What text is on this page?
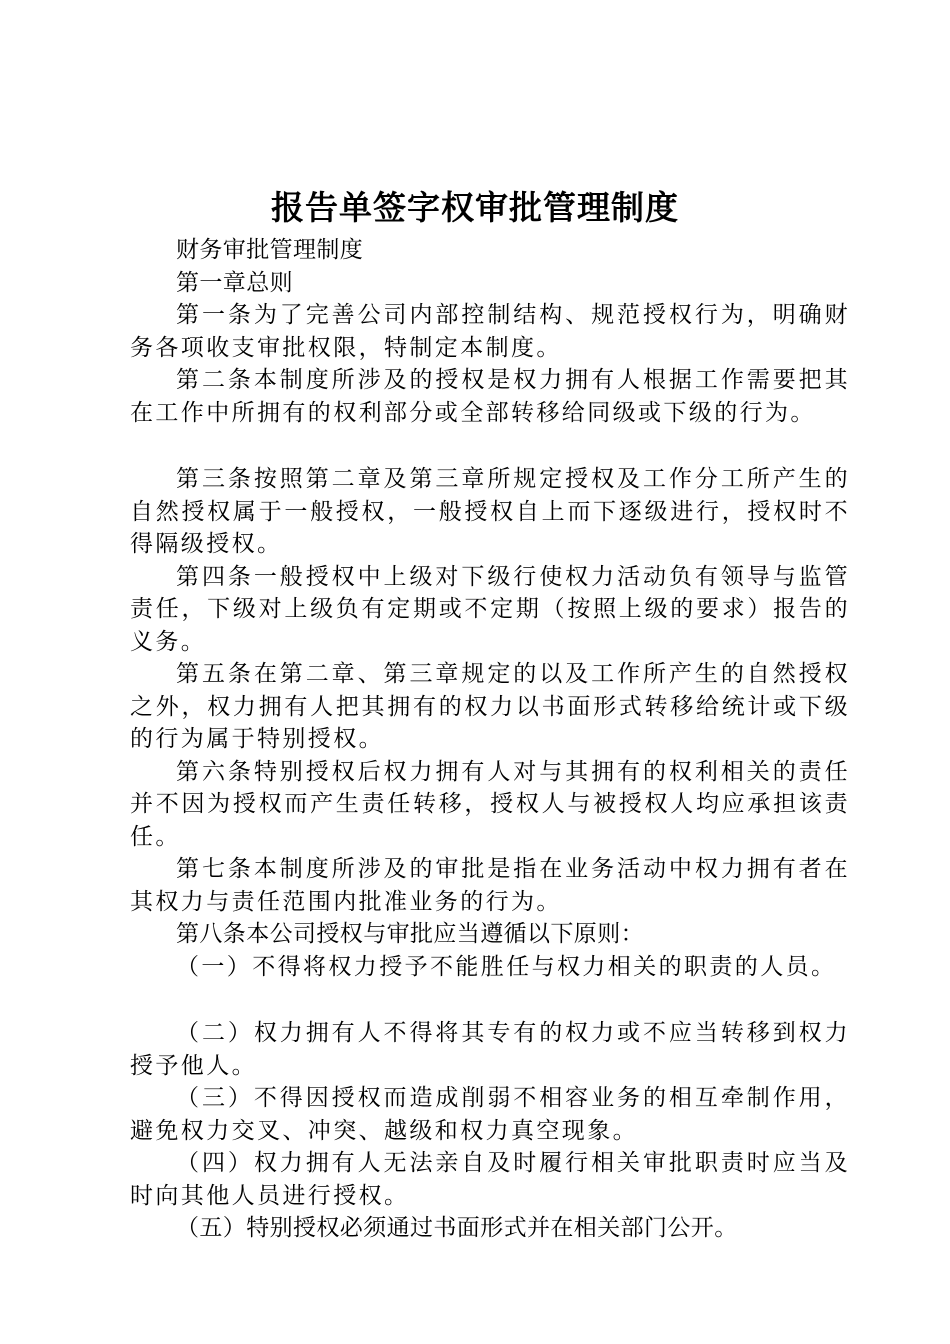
报告单签字权审批管理制度

财务审批管理制度

第一章总则

第一条为了完善公司内部控制结构、规范授权行为，明确财务各项收支审批权限，特制定本制度。

第二条本制度所涉及的授权是权力拥有人根据工作需要把其在工作中所拥有的权利部分或全部转移给同级或下级的行为。

第三条按照第二章及第三章所规定授权及工作分工所产生的自然授权属于一般授权，一般授权自上而下逐级进行，授权时不得隔级授权。

第四条一般授权中上级对下级行使权力活动负有领导与监管责任，下级对上级负有定期或不定期（按照上级的要求）报告的义务。

第五条在第二章、第三章规定的以及工作所产生的自然授权之外，权力拥有人把其拥有的权力以书面形式转移给统计或下级的行为属于特别授权。

第六条特别授权后权力拥有人对与其拥有的权利相关的责任并不因为授权而产生责任转移，授权人与被授权人均应承担该责任。

第七条本制度所涉及的审批是指在业务活动中权力拥有者在其权力与责任范围内批准业务的行为。

第八条本公司授权与审批应当遵循以下原则：

（一）不得将权力授予不能胜任与权力相关的职责的人员。

（二）权力拥有人不得将其专有的权力或不应当转移到权力授予他人。

（三）不得因授权而造成削弱不相容业务的相互牵制作用，避免权力交叉、冲突、越级和权力真空现象。

（四）权力拥有人无法亲自及时履行相关审批职责时应当及时向其他人员进行授权。

（五）特别授权必须通过书面形式并在相关部门公开。
